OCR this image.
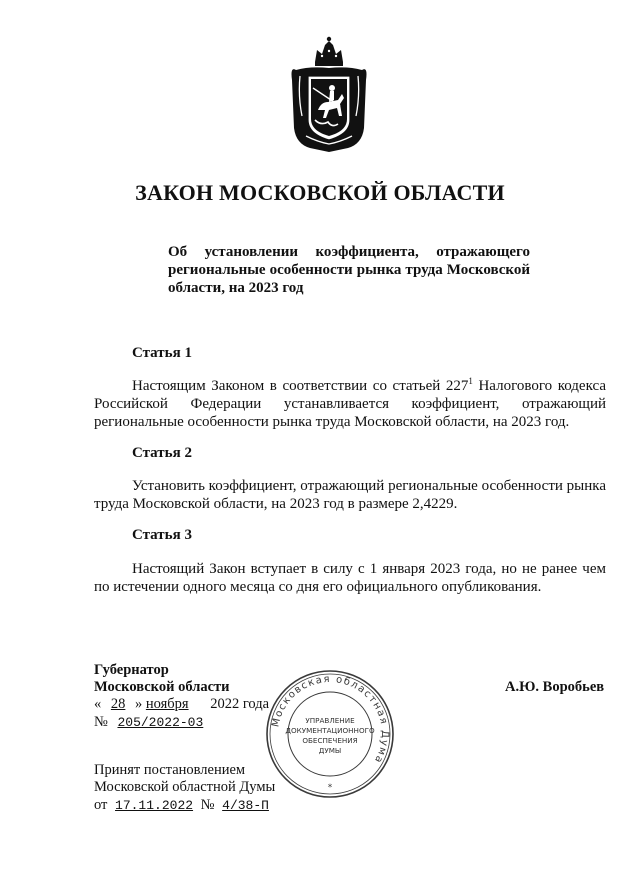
ЗАКОН МОСКОВСКОЙ ОБЛАСТИ
Об установлении коэффициента, отражающего региональные особенности рынка труда Московской области, на 2023 год
Статья 1
Настоящим Законом в соответствии со статьей $227^1$ Налогового кодекса Российской Федерации устанавливается коэффициент, отражающий региональные особенности рынка труда Московской области, на 2023 год.
Статья 2
Установить коэффициент, отражающий региональные особенности рынка труда Московской области, на 2023 год в размере 2,4229.
Статья 3
Настоящий Закон вступает в силу с 1 января 2023 года, но не ранее чем по истечении одного месяца со дня его официального опубликования.
Губернатор
Московской области	А.Ю. Воробьев
« 28 » ноября 2022 года
№ 205/2022-03
Принят постановлением
Московской областной Думы
от 17.11.2022 № 4/38-П
Московская областная Дума
*
УПРАВЛЕНИЕ
ДОКУМЕНТАЦИОННОГО
ОБЕСПЕЧЕНИЯ
ДУМЫ
